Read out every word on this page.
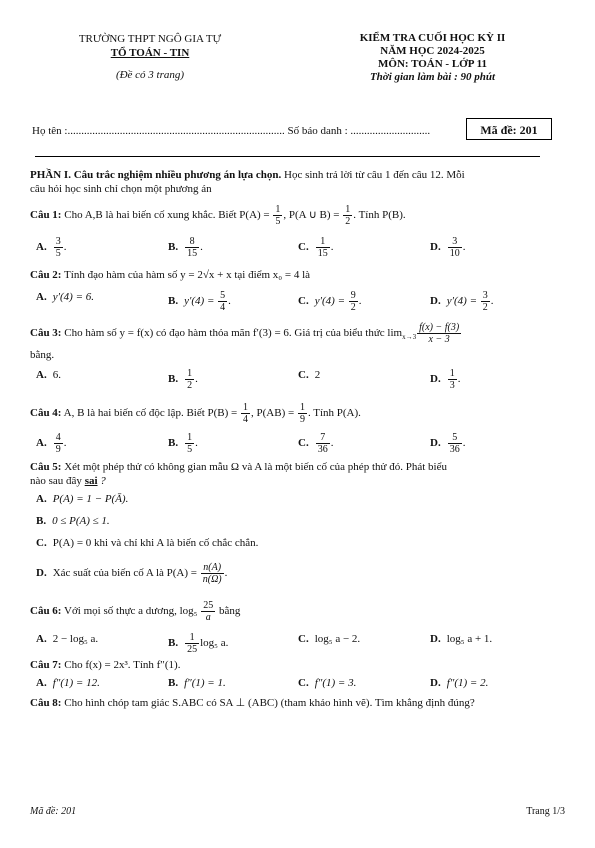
TRƯỜNG THPT NGÔ GIA TỰ
TỔ TOÁN - TIN
(Đề có 3 trang)
KIỂM TRA CUỐI HỌC KỲ II
NĂM HỌC 2024-2025
MÔN: TOÁN - LỚP 11
Thời gian làm bài : 90 phút
Họ tên :............................................................................... Số báo danh : .............................	Mã đề: 201
PHẦN I. Câu trắc nghiệm nhiều phương án lựa chọn. Học sinh trả lời từ câu 1 đến câu 12. Mỗi
câu hỏi học sinh chỉ chọn một phương án
Câu 1: Cho A,B là hai biến cố xung khắc. Biết $P(A) = \frac{1}{5}$ , P(A ∪ $B) = \frac{1}{2}$ . Tính P(B).
A. $\frac{3}{5}$ .	B. $\frac{8}{15}$ .	C. $\frac{1}{15}$ .	D. $\frac{3}{10}$ .
Câu 2: Tính đạo hàm của hàm số y = 2√x + x tại điểm x₀ = 4 là
A. y′(4) = 6.	B. $y'(4) = \frac{5}{4}$ .	C. $y'(4) = \frac{9}{2}$ .	D. $y'(4) = \frac{3}{2}$ .
Câu 3: Cho hàm số y = f(x) có đạo hàm thỏa mãn f′(3) = 6. Giá trị của biểu thức $\lim_{x\to 3} \frac{f(x) - f(3)}{x - 3}$
bằng.
A. 6.	B. $\frac{1}{2}$ .	C. 2	D. $\frac{1}{3}$ .
Câu 4: A, B là hai biến cố độc lập. Biết $P(B) = \frac{1}{4}$ , $P(AB) = \frac{1}{9}$ . Tính P(A).
A. $\frac{4}{9}$ .	B. $\frac{1}{5}$ .	C. $\frac{7}{36}$ .	D. $\frac{5}{36}$ .
Câu 5: Xét một phép thử có không gian mẫu Ω và A là một biến cố của phép thử đó. Phát biểu
nào sau đây sai ?
A. P(A) = 1 − P(Ā).
B. 0 ≤ P(A) ≤ 1.
C. P(A) = 0 khi và chỉ khi A là biến cố chắc chắn.
D. Xác suất của biến cố A là $P(A) = \frac{n(A)}{n(\Omega)}$ .
Câu 6: Với mọi số thực a dương, $\log_5 \frac{25}{a}$ bằng
A. 2 − log₅ a.	B. $\frac{1}{25} \log_5$ a.	C. log₅ a − 2.	D. log₅ a + 1.
Câu 7: Cho f(x) = 2x³. Tính f″(1).
A. f″(1) = 12.	B. f″(1) = 1.	C. f″(1) = 3.	D. f″(1) = 2.
Câu 8: Cho hình chóp tam giác S.ABC có SA ⊥ (ABC) (tham khảo hình vẽ). Tìm khẳng định đúng?
Mã đề: 201	Trang 1/3
